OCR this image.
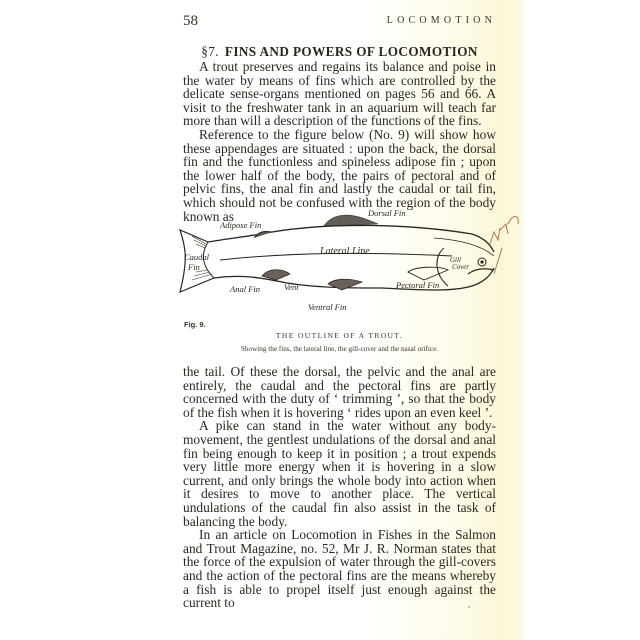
58	LOCOMOTION
§7. FINS AND POWERS OF LOCOMOTION

A trout preserves and regains its balance and poise in the water by means of fins which are controlled by the delicate sense-organs mentioned on pages 56 and 66. A visit to the freshwater tank in an aquarium will teach far more than will a description of the functions of the fins.

Reference to the figure below (No. 9) will show how these appendages are situated : upon the back, the dorsal fin and the functionless and spineless adipose fin ; upon the lower half of the body, the pairs of pectoral and of pelvic fins, the anal fin and lastly the caudal or tail fin, which should not be confused with the region of the body known as

Adipose Fin
Dorsal Fin
Lateral Line
Caudal
Fin
Gill
Cover
Anal Fin	Vent
Ventral Fin
Pectoral Fin
Fig. 9.
THE OUTLINE OF A TROUT.
Showing the fins, the lateral line, the gill-cover and the nasal orifice.

the tail. Of these the dorsal, the pelvic and the anal are entirely, the caudal and the pectoral fins are partly concerned with the duty of ‘ trimming ’, so that the body of the fish when it is hovering ‘ rides upon an even keel ’.

A pike can stand in the water without any body-movement, the gentlest undulations of the dorsal and anal fin being enough to keep it in position ; a trout expends very little more energy when it is hovering in a slow current, and only brings the whole body into action when it desires to move to another place. The vertical undulations of the caudal fin also assist in the task of balancing the body.

In an article on Locomotion in Fishes in the Salmon and Trout Magazine, no. 52, Mr J. R. Norman states that the force of the expulsion of water through the gill-covers and the action of the pectoral fins are the means whereby a fish is able to propel itself just enough against the current to
